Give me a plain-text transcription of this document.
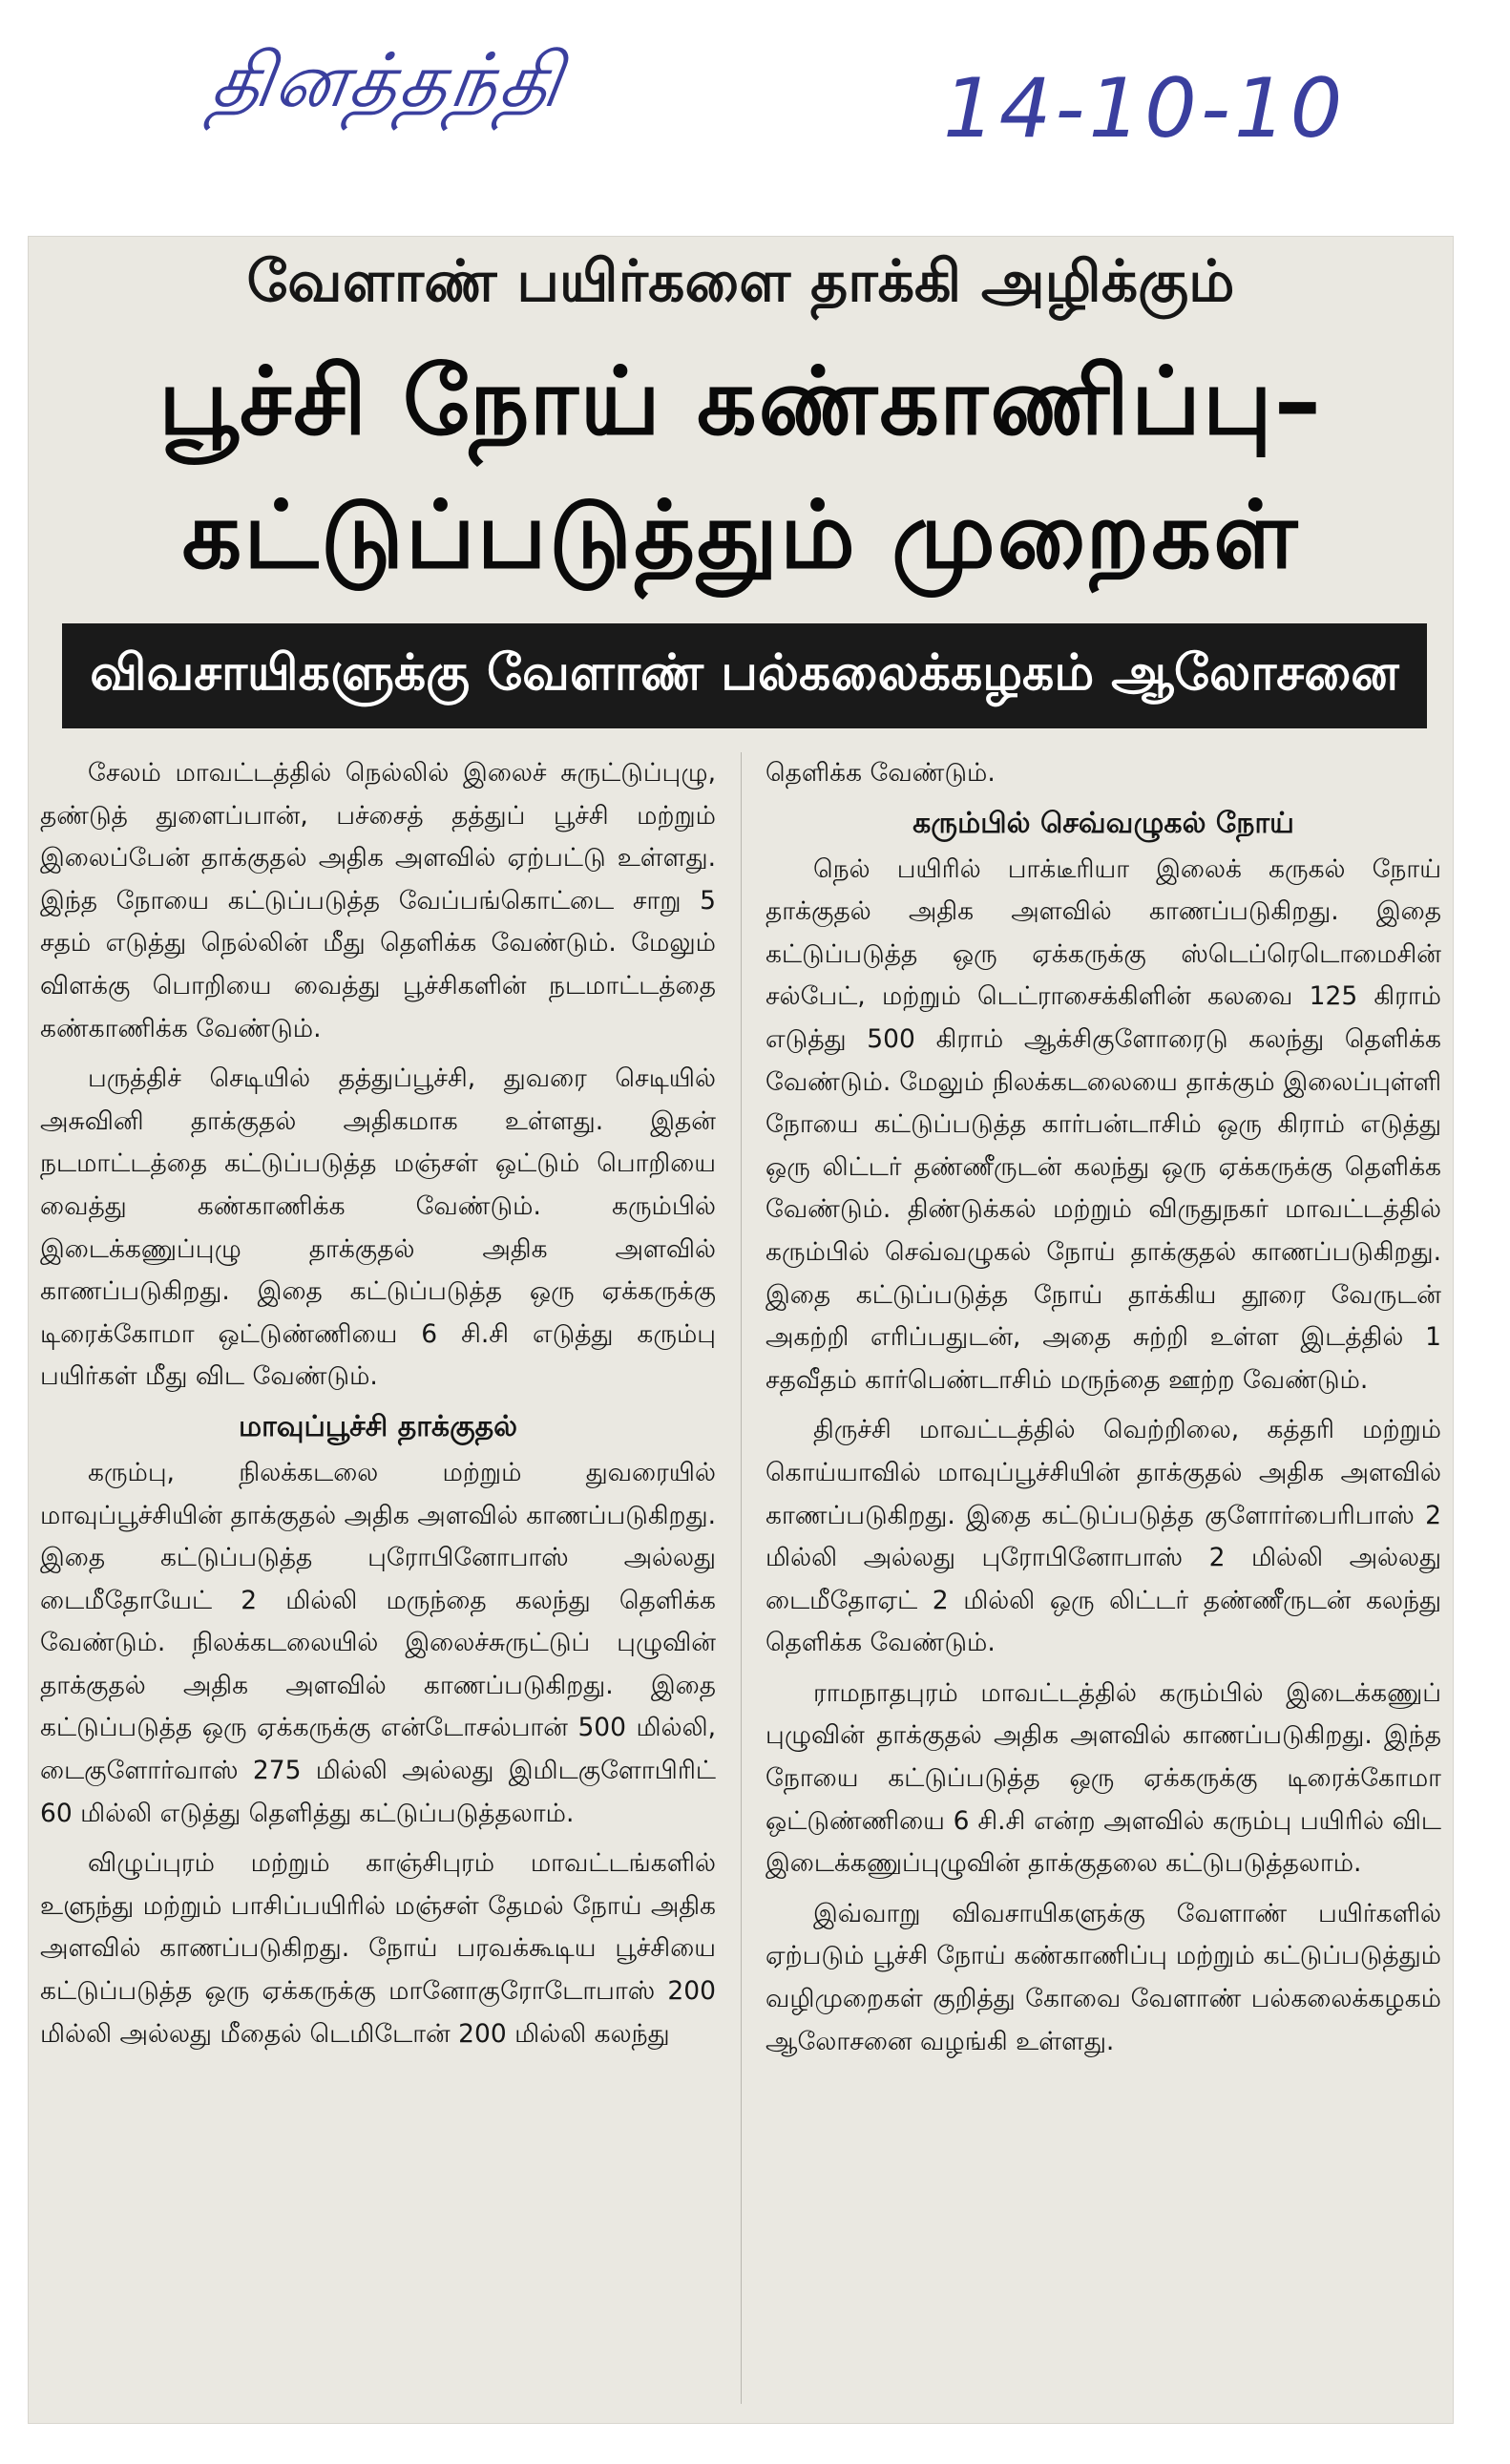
தினத்தந்தி	14-10-10
வேளாண் பயிர்களை தாக்கி அழிக்கும்
பூச்சி நோய் கண்காணிப்பு–
கட்டுப்படுத்தும் முறைகள்
விவசாயிகளுக்கு வேளாண் பல்கலைக்கழகம் ஆலோசனை

சேலம் மாவட்டத்தில் நெல்லில் இலைச் சுருட்டுப்புழு, தண்டுத் துளைப்பான், பச்சைத் தத்துப் பூச்சி மற்றும் இலைப்பேன் தாக்குதல் அதிக அளவில் ஏற்பட்டு உள்ளது. இந்த நோயை கட்டுப்படுத்த வேப்பங்கொட்டை சாறு 5 சதம் எடுத்து நெல்லின் மீது தெளிக்க வேண்டும். மேலும் விளக்கு பொறியை வைத்து பூச்சிகளின் நடமாட்டத்தை கண்காணிக்க வேண்டும்.

பருத்திச் செடியில் தத்துப்பூச்சி, துவரை செடியில் அசுவினி தாக்குதல் அதிகமாக உள்ளது. இதன் நடமாட்டத்தை கட்டுப்படுத்த மஞ்சள் ஒட்டும் பொறியை வைத்து கண்காணிக்க வேண்டும். கரும்பில் இடைக்கணுப்புழு தாக்குதல் அதிக அளவில் காணப்படுகிறது. இதை கட்டுப்படுத்த ஒரு ஏக்கருக்கு டிரைக்கோமா ஒட்டுண்ணியை 6 சி.சி எடுத்து கரும்பு பயிர்கள் மீது விட வேண்டும்.

மாவுப்பூச்சி தாக்குதல்

கரும்பு, நிலக்கடலை மற்றும் துவரையில் மாவுப்பூச்சியின் தாக்குதல் அதிக அளவில் காணப்படுகிறது. இதை கட்டுப்படுத்த புரோபினோபாஸ் அல்லது டைமீதோயேட் 2 மில்லி மருந்தை கலந்து தெளிக்க வேண்டும். நிலக்கடலையில் இலைச்சுருட்டுப் புழுவின் தாக்குதல் அதிக அளவில் காணப்படுகிறது. இதை கட்டுப்படுத்த ஒரு ஏக்கருக்கு என்டோசல்பான் 500 மில்லி, டைகுளோர்வாஸ் 275 மில்லி அல்லது இமிடகுளோபிரிட் 60 மில்லி எடுத்து தெளித்து கட்டுப்படுத்தலாம்.

விழுப்புரம் மற்றும் காஞ்சிபுரம் மாவட்டங்களில் உளுந்து மற்றும் பாசிப்பயிரில் மஞ்சள் தேமல் நோய் அதிக அளவில் காணப்படுகிறது. நோய் பரவக்கூடிய பூச்சியை கட்டுப்படுத்த ஒரு ஏக்கருக்கு மானோகுரோடோபாஸ் 200 மில்லி அல்லது மீதைல் டெமிடோன் 200 மில்லி கலந்து

தெளிக்க வேண்டும்.

கரும்பில் செவ்வழுகல் நோய்

நெல் பயிரில் பாக்டீரியா இலைக் கருகல் நோய் தாக்குதல் அதிக அளவில் காணப்படுகிறது. இதை கட்டுப்படுத்த ஒரு ஏக்கருக்கு ஸ்டெப்ரெடொமைசின் சல்பேட், மற்றும் டெட்ராசைக்கிளின் கலவை 125 கிராம் எடுத்து 500 கிராம் ஆக்சிகுளோரைடு கலந்து தெளிக்க வேண்டும். மேலும் நிலக்கடலையை தாக்கும் இலைப்புள்ளி நோயை கட்டுப்படுத்த கார்பன்டாசிம் ஒரு கிராம் எடுத்து ஒரு லிட்டர் தண்ணீருடன் கலந்து ஒரு ஏக்கருக்கு தெளிக்க வேண்டும். திண்டுக்கல் மற்றும் விருதுநகர் மாவட்டத்தில் கரும்பில் செவ்வழுகல் நோய் தாக்குதல் காணப்படுகிறது. இதை கட்டுப்படுத்த நோய் தாக்கிய தூரை வேருடன் அகற்றி எரிப்பதுடன், அதை சுற்றி உள்ள இடத்தில் 1 சதவீதம் கார்பெண்டாசிம் மருந்தை ஊற்ற வேண்டும்.

திருச்சி மாவட்டத்தில் வெற்றிலை, கத்தரி மற்றும் கொய்யாவில் மாவுப்பூச்சியின் தாக்குதல் அதிக அளவில் காணப்படுகிறது. இதை கட்டுப்படுத்த குளோர்பைரிபாஸ் 2 மில்லி அல்லது புரோபினோபாஸ் 2 மில்லி அல்லது டைமீதோஏட் 2 மில்லி ஒரு லிட்டர் தண்ணீருடன் கலந்து தெளிக்க வேண்டும்.

ராமநாதபுரம் மாவட்டத்தில் கரும்பில் இடைக்கணுப் புழுவின் தாக்குதல் அதிக அளவில் காணப்படுகிறது. இந்த நோயை கட்டுப்படுத்த ஒரு ஏக்கருக்கு டிரைக்கோமா ஒட்டுண்ணியை 6 சி.சி என்ற அளவில் கரும்பு பயிரில் விட இடைக்கணுப்புழுவின் தாக்குதலை கட்டுபடுத்தலாம்.

இவ்வாறு விவசாயிகளுக்கு வேளாண் பயிர்களில் ஏற்படும் பூச்சி நோய் கண்காணிப்பு மற்றும் கட்டுப்படுத்தும் வழிமுறைகள் குறித்து கோவை வேளாண் பல்கலைக்கழகம் ஆலோசனை வழங்கி உள்ளது.
